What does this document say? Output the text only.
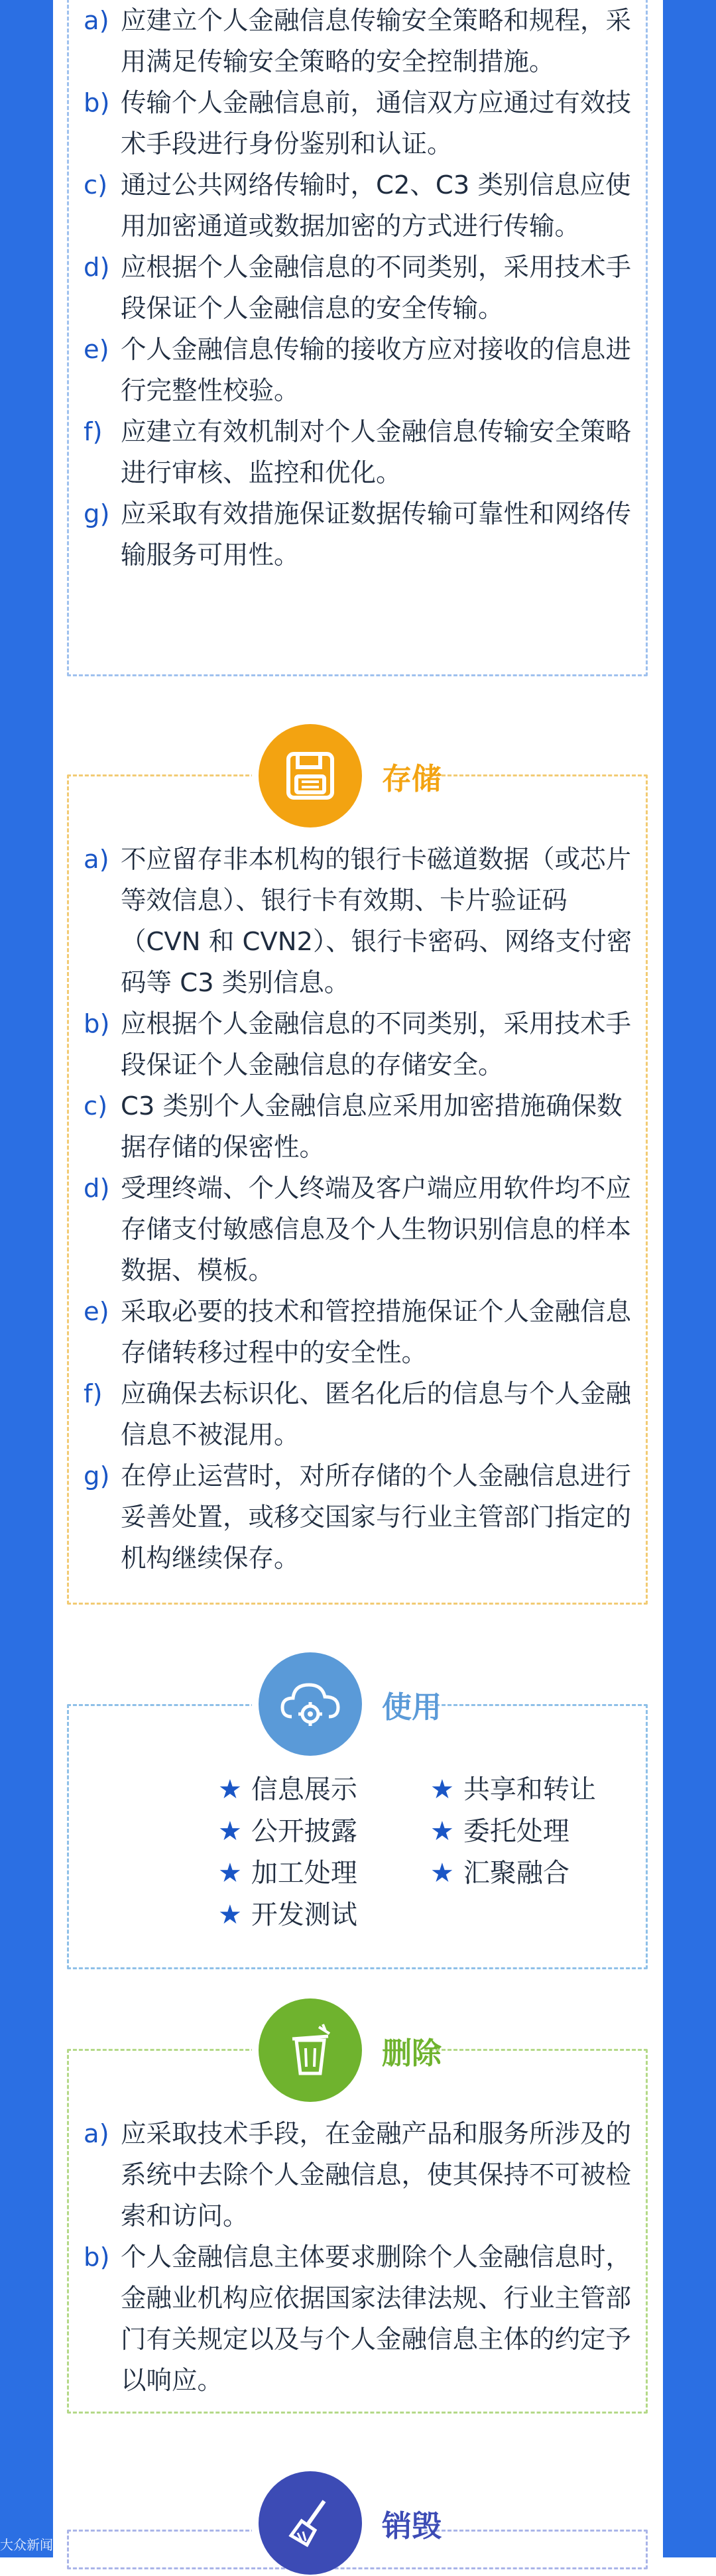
a) 应建立个人金融信息传输安全策略和规程，采用满足传输安全策略的安全控制措施。
b) 传输个人金融信息前，通信双方应通过有效技术手段进行身份鉴别和认证。
c) 通过公共网络传输时，C2、C3 类别信息应使用加密通道或数据加密的方式进行传输。
d) 应根据个人金融信息的不同类别，采用技术手段保证个人金融信息的安全传输。
e) 个人金融信息传输的接收方应对接收的信息进行完整性校验。
f) 应建立有效机制对个人金融信息传输安全策略进行审核、监控和优化。
g) 应采取有效措施保证数据传输可靠性和网络传输服务可用性。
a) 不应留存非本机构的银行卡磁道数据（或芯片等效信息）、银行卡有效期、卡片验证码（CVN 和 CVN2）、银行卡密码、网络支付密码等 C3 类别信息。
b) 应根据个人金融信息的不同类别，采用技术手段保证个人金融信息的存储安全。
c) C3 类别个人金融信息应采用加密措施确保数据存储的保密性。
d) 受理终端、个人终端及客户端应用软件均不应存储支付敏感信息及个人生物识别信息的样本数据、模板。
e) 采取必要的技术和管控措施保证个人金融信息存储转移过程中的安全性。
f) 应确保去标识化、匿名化后的信息与个人金融信息不被混用。
g) 在停止运营时，对所存储的个人金融信息进行妥善处置，或移交国家与行业主管部门指定的机构继续保存。
存储
★ 信息展示	★ 共享和转让
★ 公开披露	★ 委托处理
★ 加工处理	★ 汇聚融合
★ 开发测试
使用
a) 应采取技术手段，在金融产品和服务所涉及的系统中去除个人金融信息，使其保持不可被检索和访问。
b) 个人金融信息主体要求删除个人金融信息时，金融业机构应依据国家法律法规、行业主管部门有关规定以及与个人金融信息主体的约定予以响应。
删除
销毁
大众新闻
